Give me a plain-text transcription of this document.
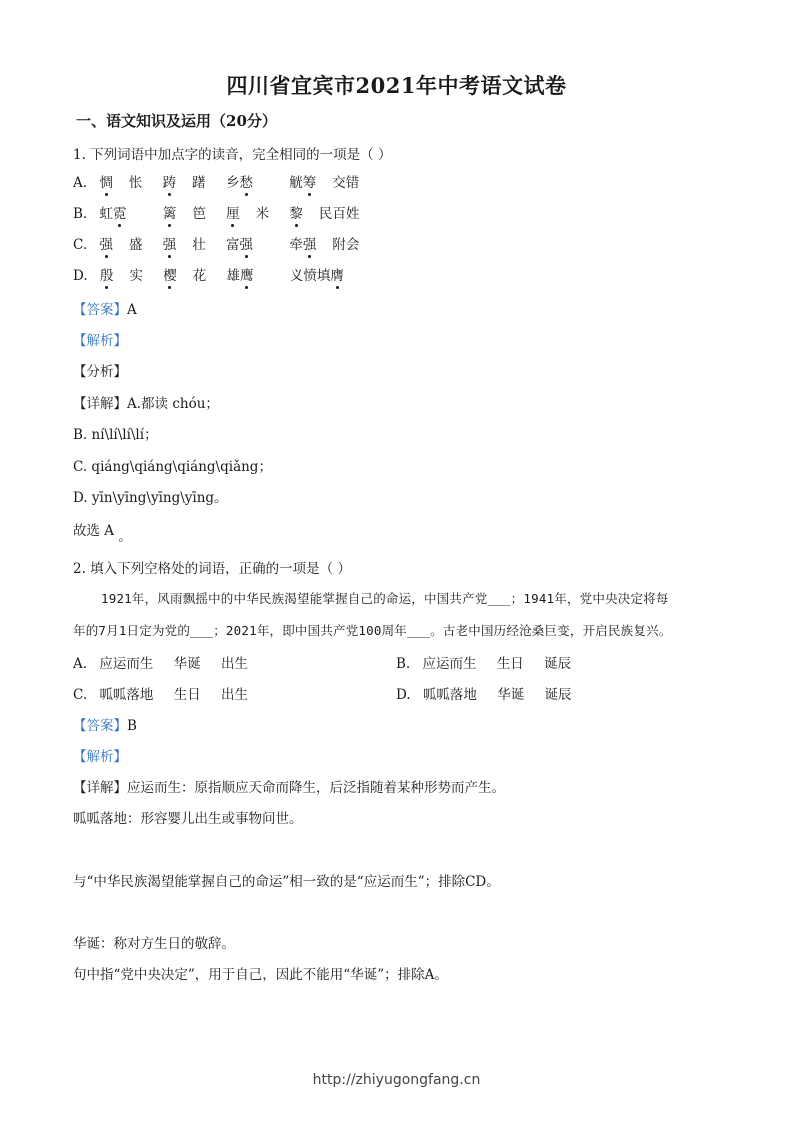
四川省宜宾市2021年中考语文试卷
一、语文知识及运用（20分）
1. 下列词语中加点字的读音，完全相同的一项是（ ）
A. 惆 怅 踌 躇 乡愁	觥筹 交错
B. 虹霓	篱 笆 厘 米 黎 民百姓
C. 强 盛 强 壮 富强	牵强 附会
D. 殷 实 樱 花 雄鹰	义愤填膺
【答案】A
【解析】
【分析】
【详解】A.都读 chóu；
B. ní\lí\lí\lí；
C. qiáng\qiáng\qiáng\qiǎng；
D. yīn\yīng\yīng\yīng。
故选 A 。
2. 填入下列空格处的词语，正确的一项是（ ）
1921年，风雨飘摇中的中华民族渴望能掌握自己的命运，中国共产党___；1941年，党中央决定将每
年的7月1日定为党的___；2021年，即中国共产党100周年___。古老中国历经沧桑巨变，开启民族复兴。
A. 应运而生 华诞 出生	B. 应运而生 生日 诞辰
C. 呱呱落地 生日 出生	D. 呱呱落地 华诞 诞辰
【答案】B
【解析】
【详解】应运而生：原指顺应天命而降生，后泛指随着某种形势而产生。
呱呱落地：形容婴儿出生或事物问世。
与“中华民族渴望能掌握自己的命运”相一致的是“应运而生”；排除CD。
华诞：称对方生日的敬辞。
句中指“党中央决定”，用于自己，因此不能用“华诞”；排除A。
http://zhiyugongfang.cn
